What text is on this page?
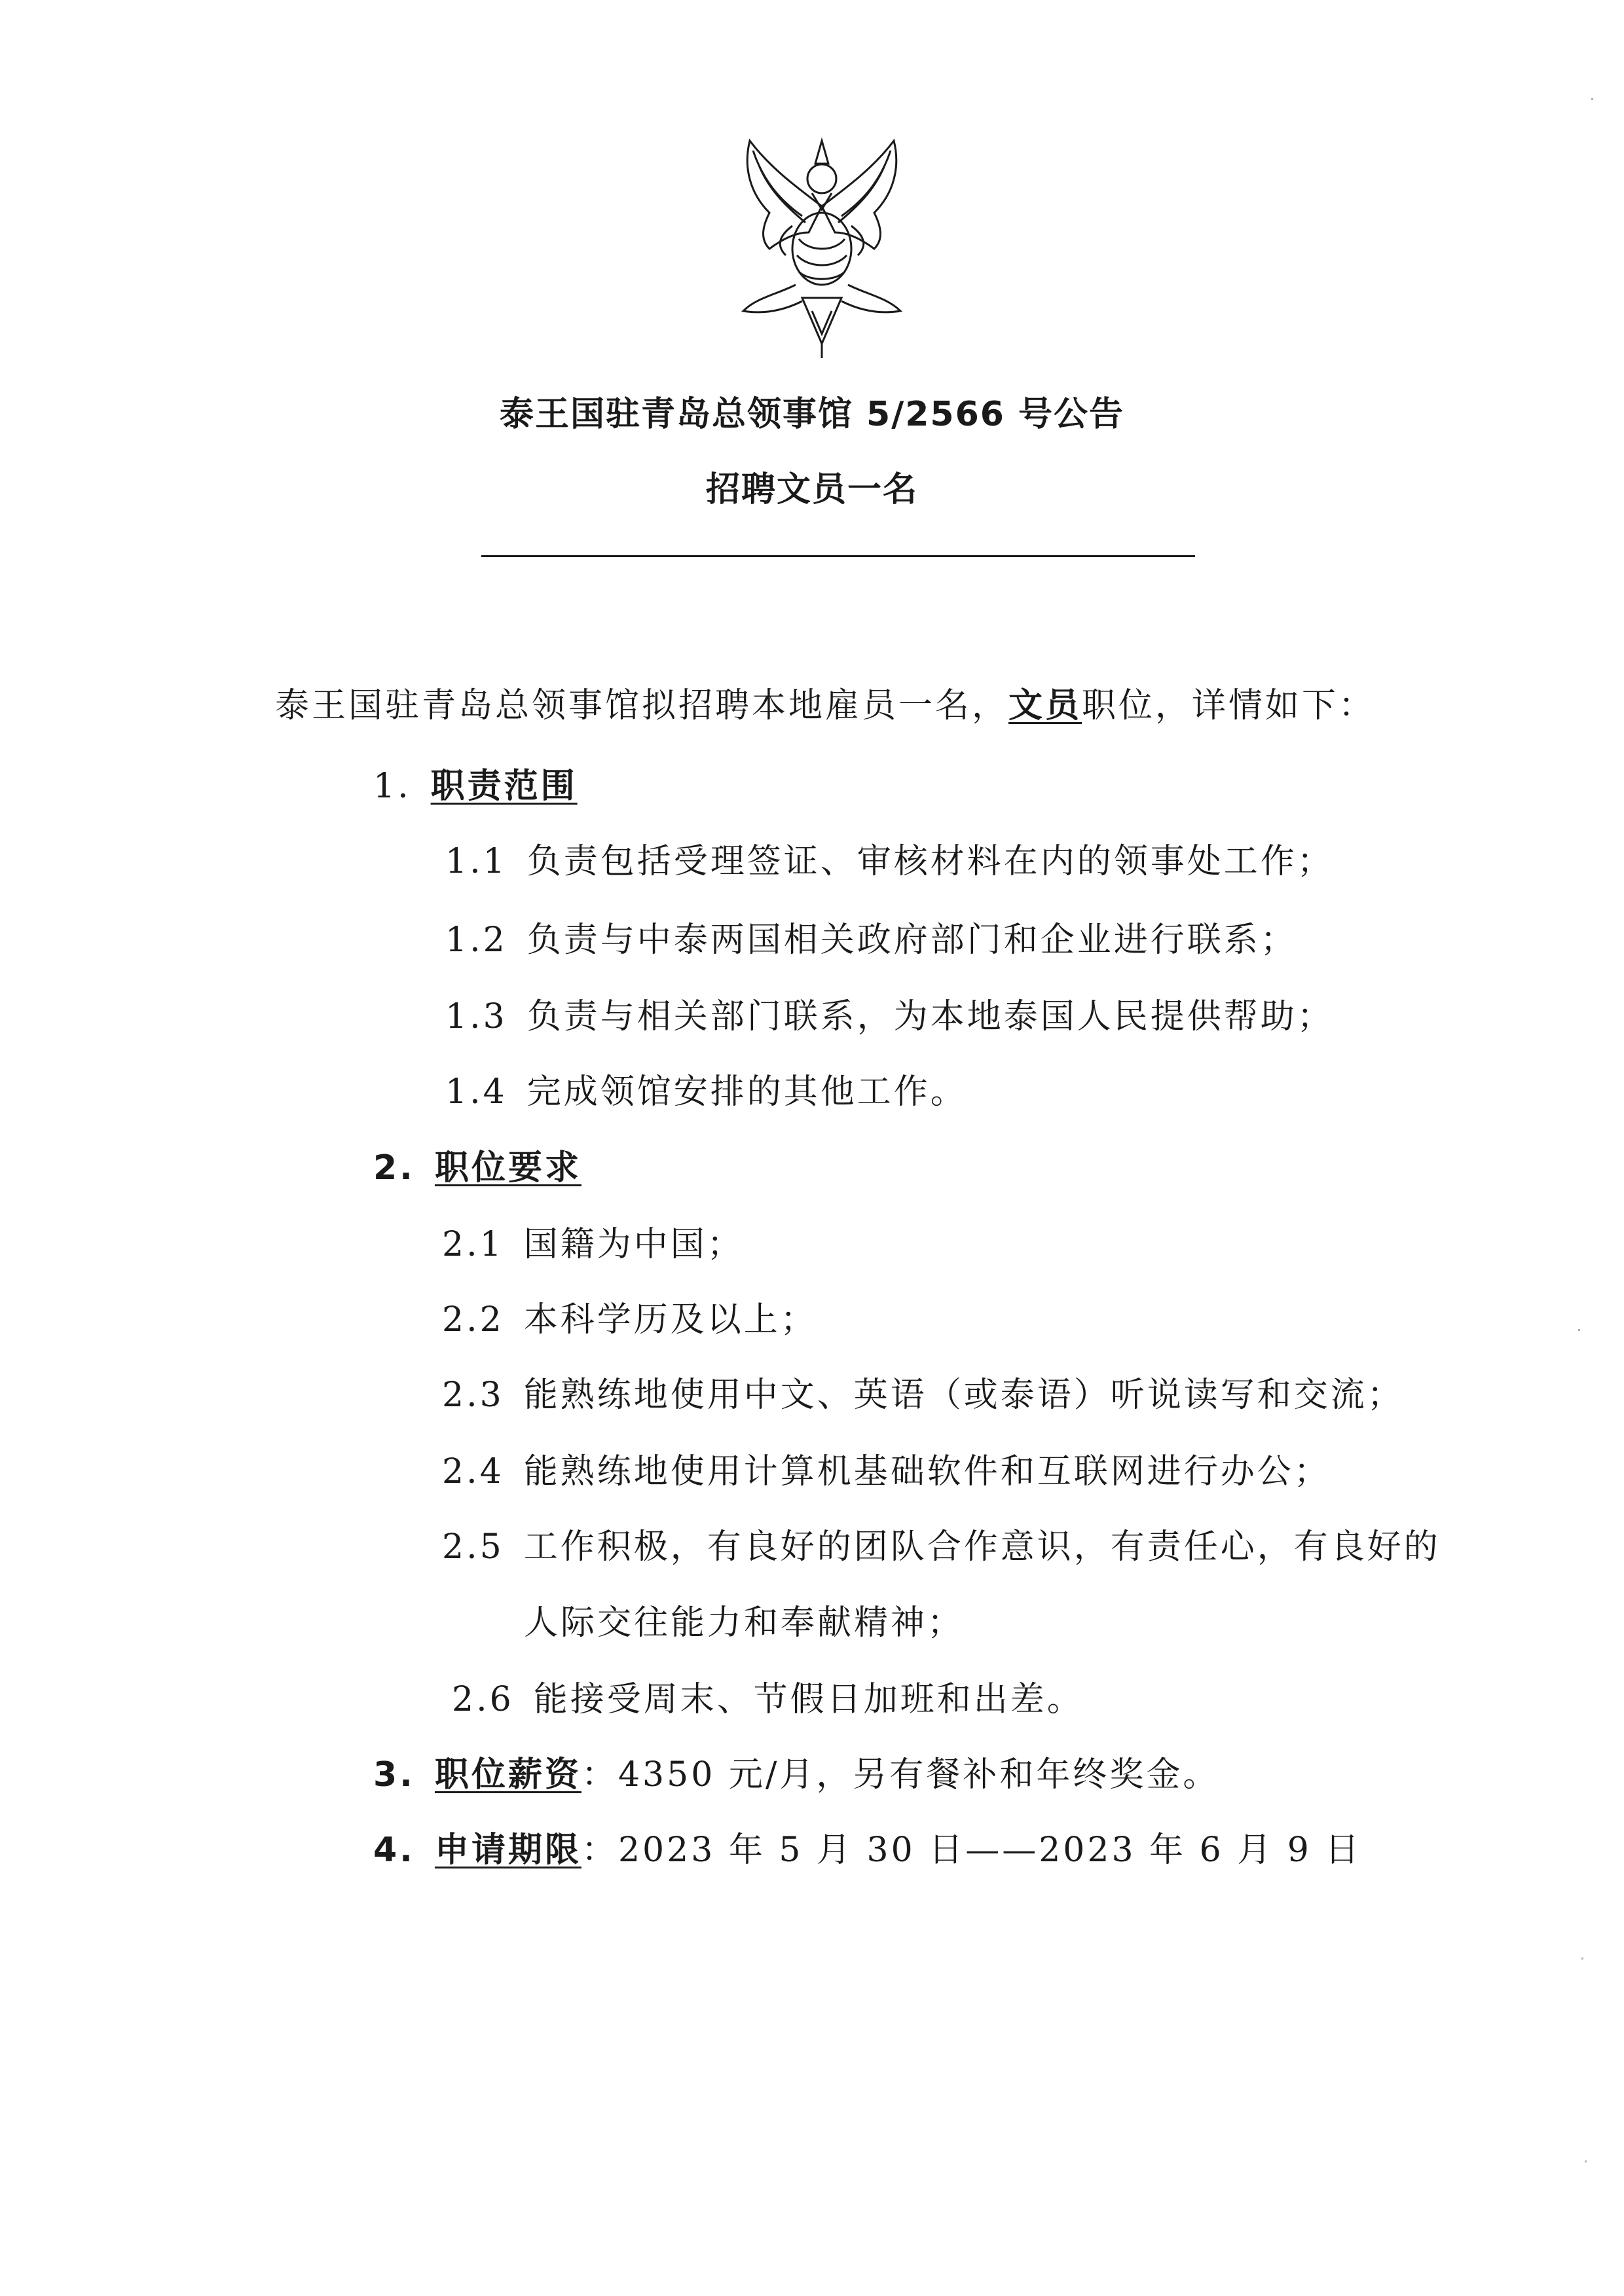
泰王国驻青岛总领事馆 5/2566 号公告
招聘文员一名
泰王国驻青岛总领事馆拟招聘本地雇员一名，文员职位，详情如下：
1. 职责范围
1.1 负责包括受理签证、审核材料在内的领事处工作；
1.2 负责与中泰两国相关政府部门和企业进行联系；
1.3 负责与相关部门联系，为本地泰国人民提供帮助；
1.4 完成领馆安排的其他工作。
2. 职位要求
2.1 国籍为中国；
2.2 本科学历及以上；
2.3 能熟练地使用中文、英语（或泰语）听说读写和交流；
2.4 能熟练地使用计算机基础软件和互联网进行办公；
2.5 工作积极，有良好的团队合作意识，有责任心，有良好的
人际交往能力和奉献精神；
2.6 能接受周末、节假日加班和出差。
3. 职位薪资：4350 元/月，另有餐补和年终奖金。
4. 申请期限：2023 年 5 月 30 日——2023 年 6 月 9 日
